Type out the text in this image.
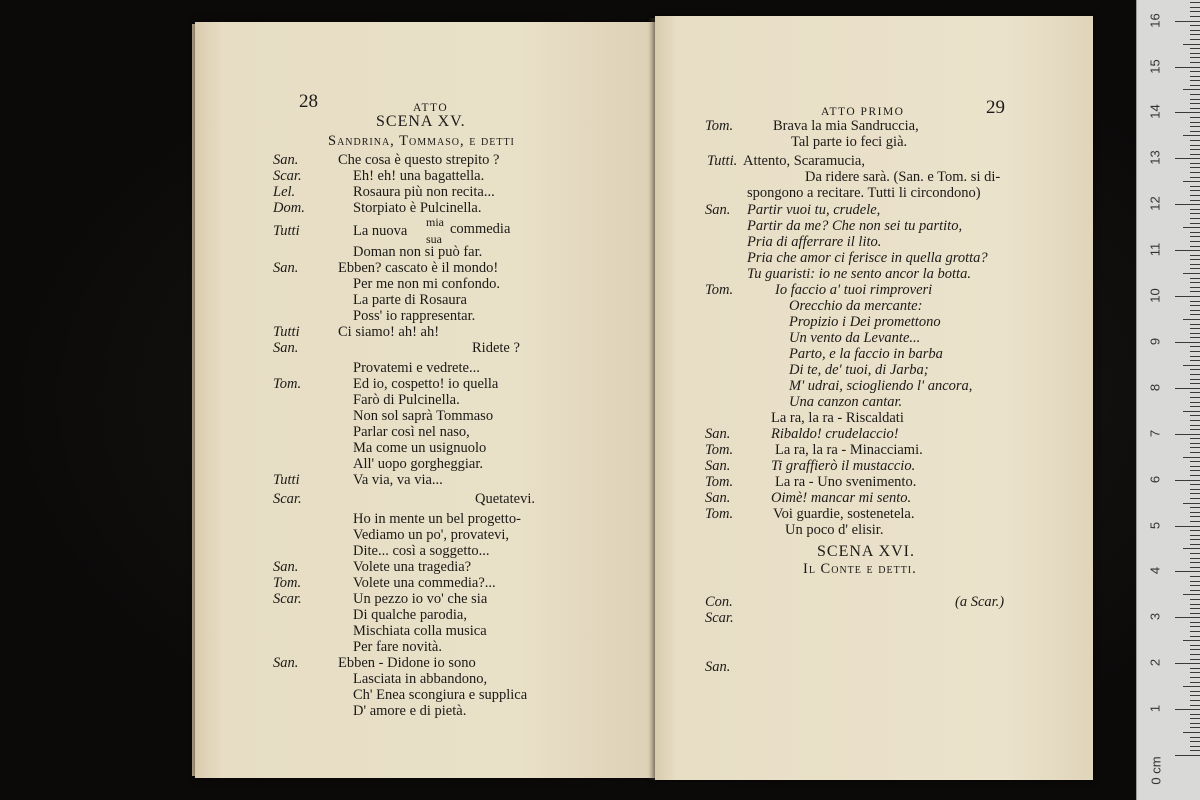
28	ATTO
SCENA XV.
Sandrina, Tommaso, e detti
San.	Che cosa è questo strepito ?
Scar.	Eh! eh! una bagattella.
Lel.	Rosaura più non recita...
Dom.	Storpiato è Pulcinella.
Tutti	La nuova
mia
sua
commedia
Doman non si può far.
San.	Ebben? cascato è il mondo!
Per me non mi confondo.
La parte di Rosaura
Poss' io rappresentar.
Tutti	Ci siamo! ah! ah!
San.	Ridete ?
Provatemi e vedrete...
Tom.	Ed io, cospetto! io quella
Farò di Pulcinella.
Non sol saprà Tommaso
Parlar così nel naso,
Ma come un usignuolo
All' uopo gorgheggiar.
Tutti	Va via, va via...
Scar.	Quetatevi.
Ho in mente un bel progetto-
Vediamo un po', provatevi,
Dite... così a soggetto...
San.	Volete una tragedia?
Tom.	Volete una commedia?...
Scar.	Un pezzo io vo' che sia
Di qualche parodia,
Mischiata colla musica
Per fare novità.
San.	Ebben - Didone io sono
Lasciata in abbandono,
Ch' Enea scongiura e supplica
D' amore e di pietà.
ATTO PRIMO	29
Tom.	Brava la mia Sandruccia,
Tal parte io feci già.
Tutti. Attento, Scaramucia,
Da ridere sarà. (San. e Tom. si di-
spongono a recitare. Tutti li circondono)
San. Partir vuoi tu, crudele,
Partir da me? Che non sei tu partito,
Pria di afferrare il lito.
Pria che amor ci ferisce in quella grotta?
Tu guaristi: io ne sento ancor la botta.
Tom.	Io faccio a' tuoi rimproveri
Orecchio da mercante:
Propizio i Dei promettono
Un vento da Levante...
Parto, e la faccio in barba
Di te, de' tuoi, di Jarba;
M' udrai, sciogliendo l' ancora,
Una canzon cantar.
La ra, la ra - Riscaldati
San.	Ribaldo! crudelaccio!
Tom.	La ra, la ra - Minacciami.
San.	Ti graffierò il mustaccio.
Tom.	La ra - Uno svenimento.
San.	Oimè! mancar mi sento.
Tom.	Voi guardie, sostenetela.
Un poco d' elisir.
SCENA XVI.
Il Conte e detti.
Con.	(a Scar.)
Scar.
San.
0 cm
1
2
3
4
5
6
7
8
9
10
11
12
13
14
15
16
